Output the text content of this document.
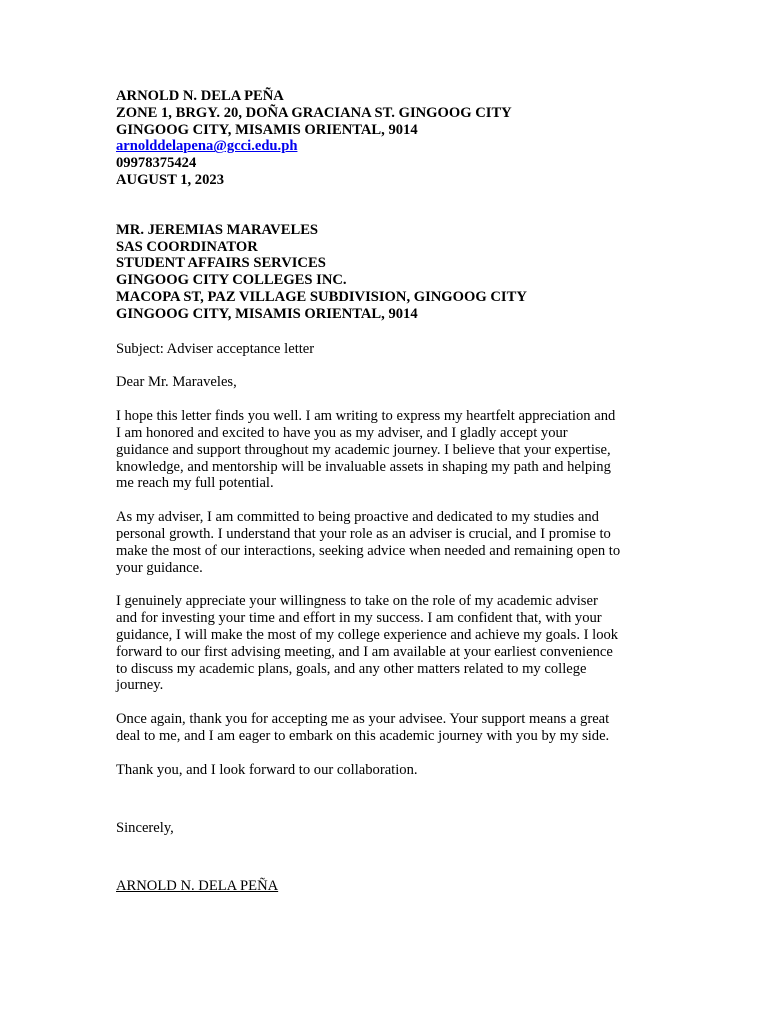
ARNOLD N. DELA PEÑA
ZONE 1, BRGY. 20, DOÑA GRACIANA ST. GINGOOG CITY
GINGOOG CITY, MISAMIS ORIENTAL, 9014
arnolddelapena@gcci.edu.ph
09978375424
AUGUST 1, 2023
MR. JEREMIAS MARAVELES
SAS COORDINATOR
STUDENT AFFAIRS SERVICES
GINGOOG CITY COLLEGES INC.
MACOPA ST, PAZ VILLAGE SUBDIVISION, GINGOOG CITY
GINGOOG CITY, MISAMIS ORIENTAL, 9014
Subject: Adviser acceptance letter
Dear Mr. Maraveles,
I hope this letter finds you well. I am writing to express my heartfelt appreciation and
I am honored and excited to have you as my adviser, and I gladly accept your
guidance and support throughout my academic journey. I believe that your expertise,
knowledge, and mentorship will be invaluable assets in shaping my path and helping
me reach my full potential.
As my adviser, I am committed to being proactive and dedicated to my studies and
personal growth. I understand that your role as an adviser is crucial, and I promise to
make the most of our interactions, seeking advice when needed and remaining open to
your guidance.
I genuinely appreciate your willingness to take on the role of my academic adviser
and for investing your time and effort in my success. I am confident that, with your
guidance, I will make the most of my college experience and achieve my goals. I look
forward to our first advising meeting, and I am available at your earliest convenience
to discuss my academic plans, goals, and any other matters related to my college
journey.
Once again, thank you for accepting me as your advisee. Your support means a great
deal to me, and I am eager to embark on this academic journey with you by my side.
Thank you, and I look forward to our collaboration.
Sincerely,
ARNOLD N. DELA PEÑA
